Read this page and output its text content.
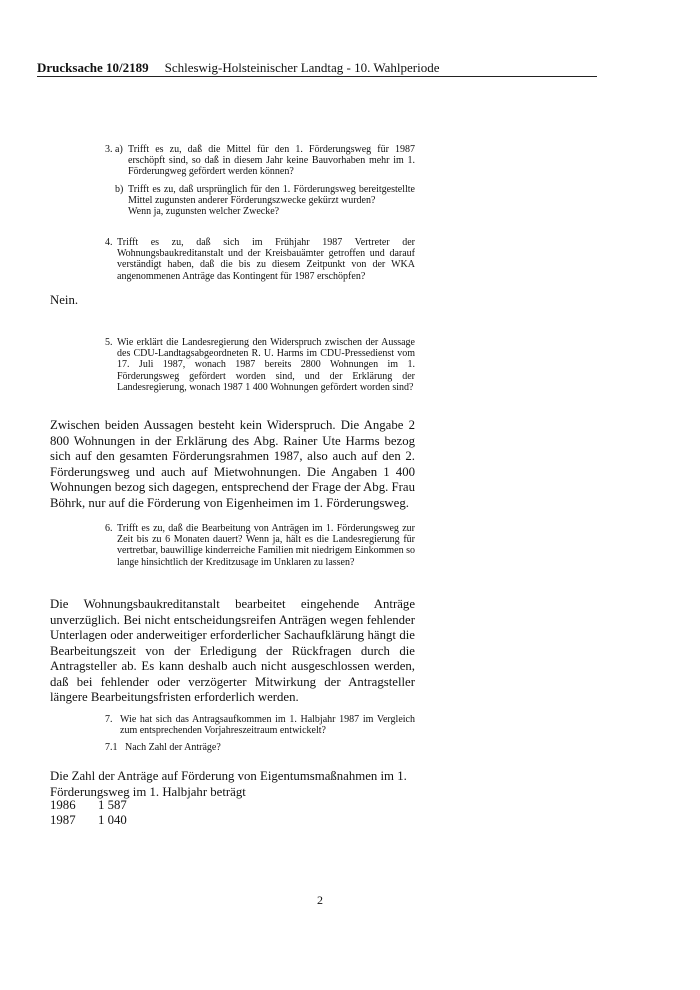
Drucksache 10/2189 Schleswig-Holsteinischer Landtag - 10. Wahlperiode
3. a) Trifft es zu, daß die Mittel für den 1. Förderungsweg für 1987 erschöpft sind, so daß in diesem Jahr keine Bauvorhaben mehr im 1. Förderungweg gefördert werden können?
b) Trifft es zu, daß ursprünglich für den 1. Förderungsweg bereitgestellte Mittel zugunsten anderer Förderungszwecke gekürzt wurden?
Wenn ja, zugunsten welcher Zwecke?
4. Trifft es zu, daß sich im Frühjahr 1987 Vertreter der Wohnungsbaukreditanstalt und der Kreisbauämter getroffen und darauf verständigt haben, daß die bis zu diesem Zeitpunkt von der WKA angenommenen Anträge das Kontingent für 1987 erschöpfen?
Nein.
5. Wie erklärt die Landesregierung den Widerspruch zwischen der Aussage des CDU-Landtagsabgeordneten R. U. Harms im CDU-Pressedienst vom 17. Juli 1987, wonach 1987 bereits 2800 Wohnungen im 1. Förderungsweg gefördert worden sind, und der Erklärung der Landesregierung, wonach 1987 1 400 Wohnungen gefördert worden sind?
Zwischen beiden Aussagen besteht kein Widerspruch. Die Angabe 2 800 Wohnungen in der Erklärung des Abg. Rainer Ute Harms bezog sich auf den gesamten Förderungsrahmen 1987, also auch auf den 2. Förderungsweg und auch auf Mietwohnungen. Die Angaben 1 400 Wohnungen bezog sich dagegen, entsprechend der Frage der Abg. Frau Böhrk, nur auf die Förderung von Eigenheimen im 1. Förderungsweg.
6. Trifft es zu, daß die Bearbeitung von Anträgen im 1. Förderungsweg zur Zeit bis zu 6 Monaten dauert? Wenn ja, hält es die Landesregierung für vertretbar, bauwillige kinderreiche Familien mit niedrigem Einkommen so lange hinsichtlich der Kreditzusage im Unklaren zu lassen?
Die Wohnungsbaukreditanstalt bearbeitet eingehende Anträge unverzüglich. Bei nicht entscheidungsreifen Anträgen wegen fehlender Unterlagen oder anderweitiger erforderlicher Sachaufklärung hängt die Bearbeitungszeit von der Erledigung der Rückfragen durch die Antragsteller ab. Es kann deshalb auch nicht ausgeschlossen werden, daß bei fehlender oder verzögerter Mitwirkung der Antragsteller längere Bearbeitungsfristen erforderlich werden.
7. Wie hat sich das Antragsaufkommen im 1. Halbjahr 1987 im Vergleich zum entsprechenden Vorjahreszeitraum entwickelt?
7.1 Nach Zahl der Anträge?
Die Zahl der Anträge auf Förderung von Eigentumsmaßnahmen im 1. Förderungsweg im 1. Halbjahr beträgt
1986 1 587
1987 1 040
2
